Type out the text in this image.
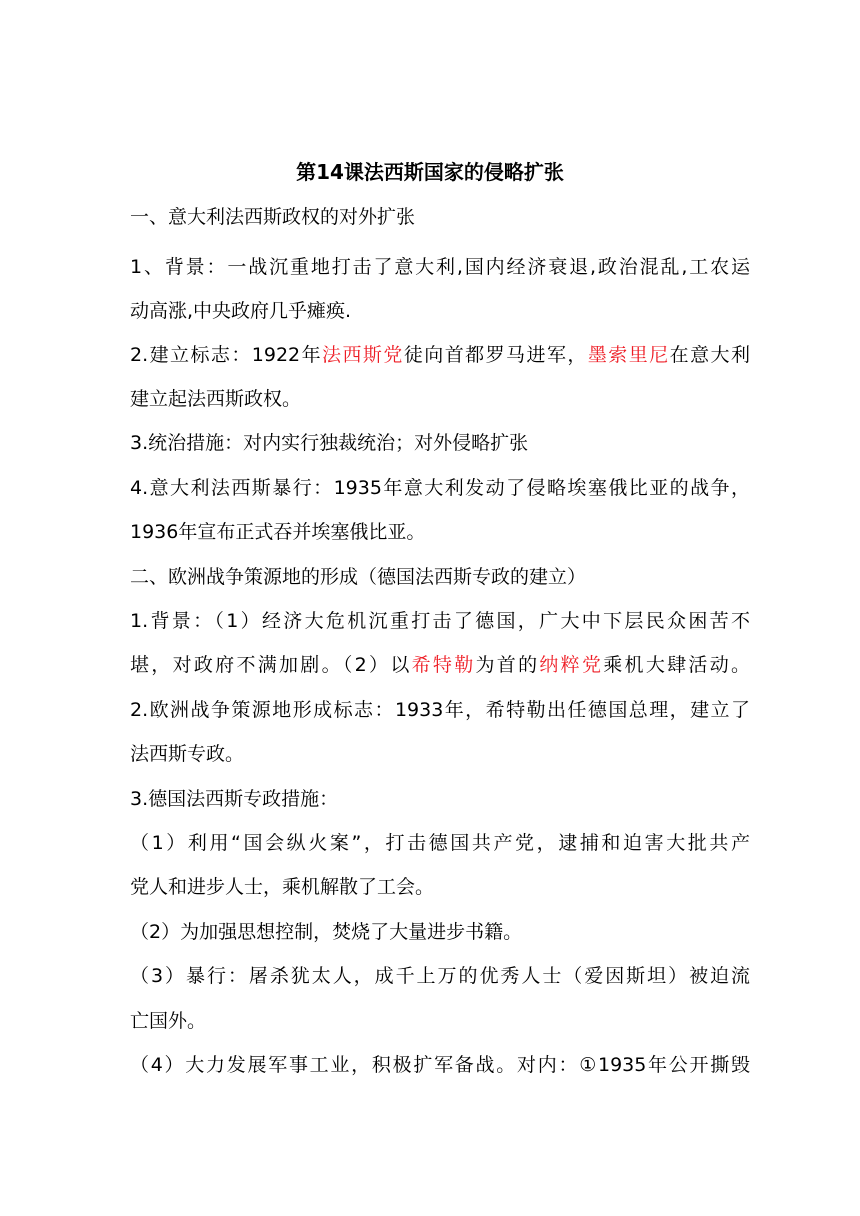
第14课法西斯国家的侵略扩张
一、意大利法西斯政权的对外扩张
1、背景：一战沉重地打击了意大利,国内经济衰退,政治混乱,工农运
动高涨,中央政府几乎瘫痪.
2.建立标志：1922年法西斯党徒向首都罗马进军，墨索里尼在意大利
建立起法西斯政权。
3.统治措施：对内实行独裁统治；对外侵略扩张
4.意大利法西斯暴行：1935年意大利发动了侵略埃塞俄比亚的战争，
1936年宣布正式吞并埃塞俄比亚。
二、欧洲战争策源地的形成（德国法西斯专政的建立）
1.背景：（1）经济大危机沉重打击了德国，广大中下层民众困苦不
堪，对政府不满加剧。（2）以希特勒为首的纳粹党乘机大肆活动。
2.欧洲战争策源地形成标志：1933年，希特勒出任德国总理，建立了
法西斯专政。
3.德国法西斯专政措施：
（1）利用“国会纵火案”，打击德国共产党，逮捕和迫害大批共产
党人和进步人士，乘机解散了工会。
（2）为加强思想控制，焚烧了大量进步书籍。
（3）暴行：屠杀犹太人，成千上万的优秀人士（爱因斯坦）被迫流
亡国外。
（4）大力发展军事工业，积极扩军备战。对内：①1935年公开撕毁
